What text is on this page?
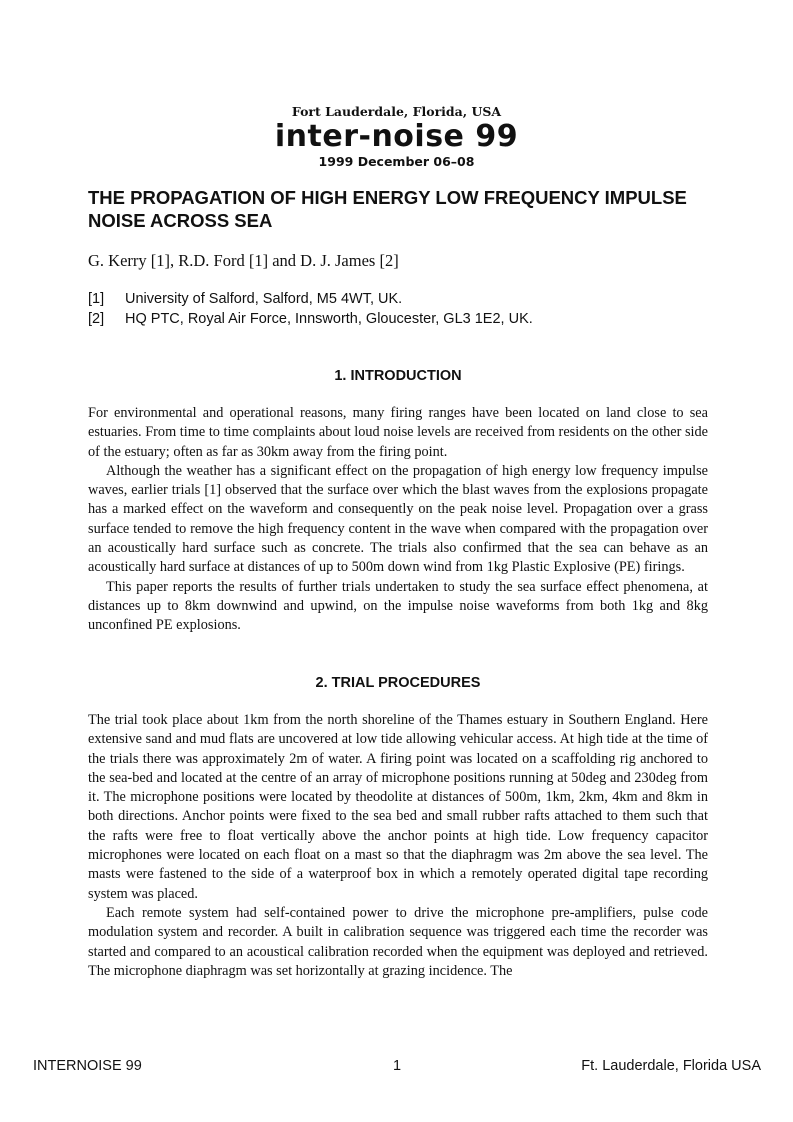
Fort Lauderdale, Florida, USA
inter-noise 99
1999 December 06–08
THE PROPAGATION OF HIGH ENERGY LOW FREQUENCY IMPULSE NOISE ACROSS SEA
G. Kerry [1], R.D. Ford [1] and D. J. James [2]
[1]	University of Salford, Salford, M5 4WT, UK.
[2]	HQ PTC, Royal Air Force, Innsworth, Gloucester, GL3 1E2, UK.
1. INTRODUCTION

For environmental and operational reasons, many firing ranges have been located on land close to sea estuaries. From time to time complaints about loud noise levels are received from residents on the other side of the estuary; often as far as 30km away from the firing point.

Although the weather has a significant effect on the propagation of high energy low frequency impulse waves, earlier trials [1] observed that the surface over which the blast waves from the explosions propagate has a marked effect on the waveform and consequently on the peak noise level. Propagation over a grass surface tended to remove the high frequency content in the wave when compared with the propagation over an acoustically hard surface such as concrete. The trials also confirmed that the sea can behave as an acoustically hard surface at distances of up to 500m down wind from 1kg Plastic Explosive (PE) firings.

This paper reports the results of further trials undertaken to study the sea surface effect phenomena, at distances up to 8km downwind and upwind, on the impulse noise waveforms from both 1kg and 8kg unconfined PE explosions.

2. TRIAL PROCEDURES

The trial took place about 1km from the north shoreline of the Thames estuary in Southern England. Here extensive sand and mud flats are uncovered at low tide allowing vehicular access. At high tide at the time of the trials there was approximately 2m of water. A firing point was located on a scaffolding rig anchored to the sea-bed and located at the centre of an array of microphone positions running at 50deg and 230deg from it. The microphone positions were located by theodolite at distances of 500m, 1km, 2km, 4km and 8km in both directions. Anchor points were fixed to the sea bed and small rubber rafts attached to them such that the rafts were free to float vertically above the anchor points at high tide. Low frequency capacitor microphones were located on each float on a mast so that the diaphragm was 2m above the sea level. The masts were fastened to the side of a waterproof box in which a remotely operated digital tape recording system was placed.

Each remote system had self-contained power to drive the microphone pre-amplifiers, pulse code modulation system and recorder. A built in calibration sequence was triggered each time the recorder was started and compared to an acoustical calibration recorded when the equipment was deployed and retrieved. The microphone diaphragm was set horizontally at grazing incidence. The

INTERNOISE 99	1	Ft. Lauderdale, Florida USA
